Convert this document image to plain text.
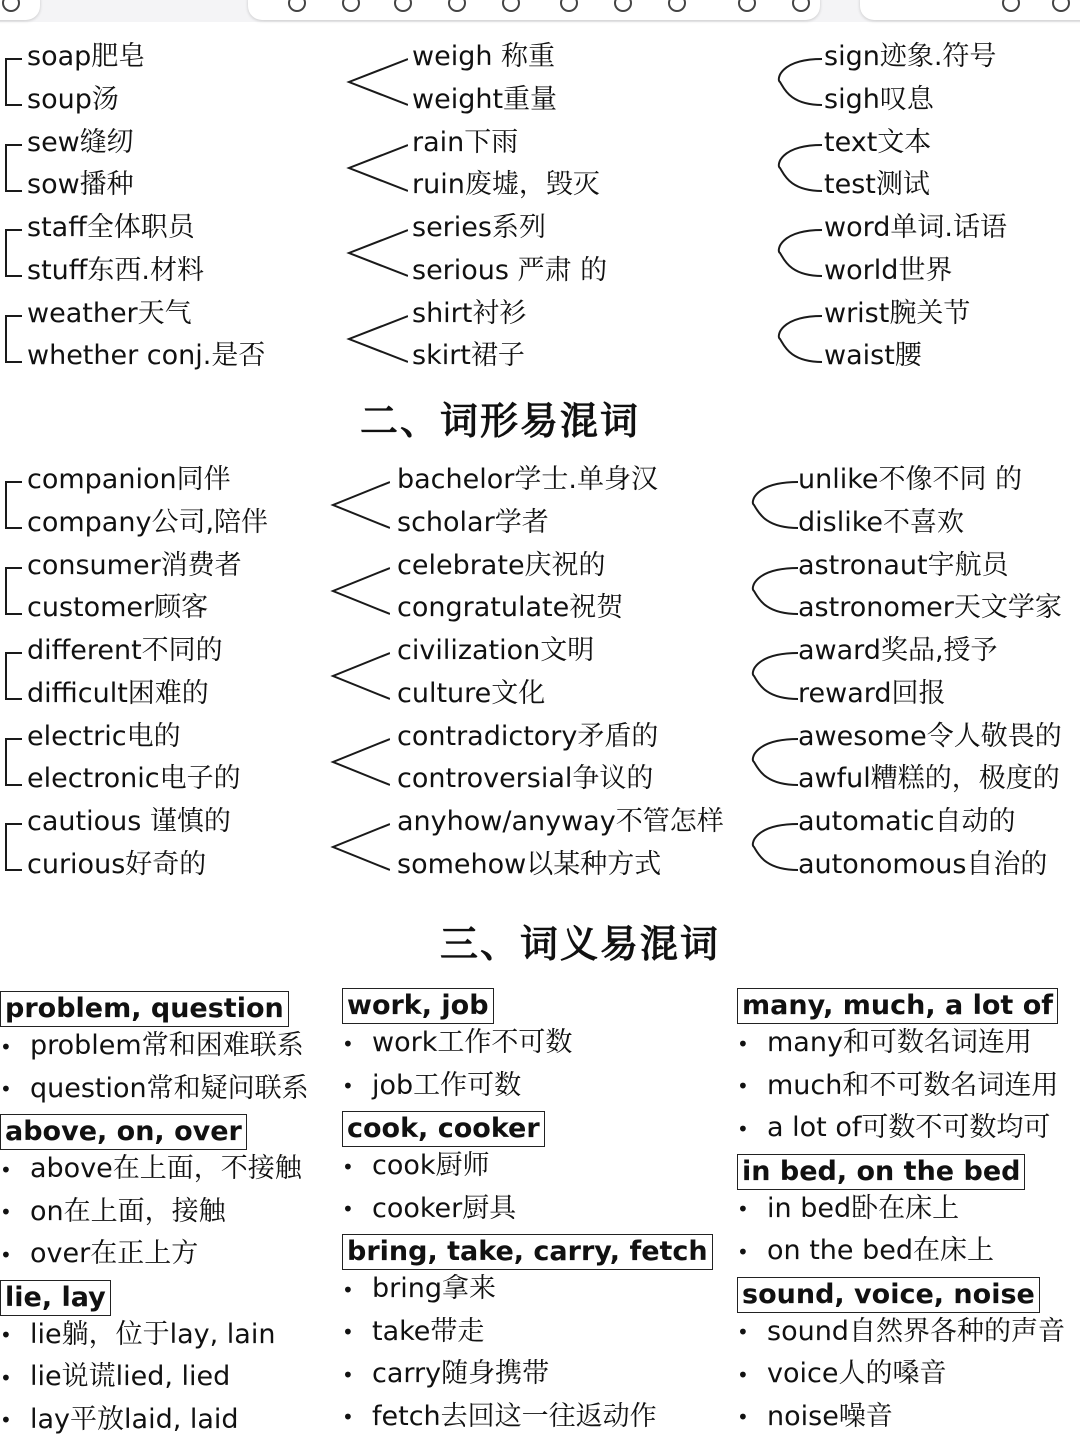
soap肥皂
soup汤
sew缝纫
sow播种
staff全体职员
stuff东西.材料
weather天气
whether conj.是否
weigh 称重
weight重量
rain下雨
ruin废墟，毁灭
series系列
serious 严肃 的
shirt衬衫
skirt裙子
sign迹象.符号
sigh叹息
text文本
test测试
word单词.话语
world世界
wrist腕关节
waist腰
二、词形易混词
companion同伴
company公司,陪伴
consumer消费者
customer顾客
different不同的
difficult困难的
electric电的
electronic电子的
cautious 谨慎的
curious好奇的
bachelor学士.单身汉
scholar学者
celebrate庆祝的
congratulate祝贺
civilization文明
culture文化
contradictory矛盾的
controversial争议的
anyhow/anyway不管怎样
somehow以某种方式
unlike不像不同 的
dislike不喜欢
astronaut宇航员
astronomer天文学家
award奖品,授予
reward回报
awesome令人敬畏的
awful糟糕的，极度的
automatic自动的
autonomous自治的
三、词义易混词
problem, question
• problem常和困难联系
• question常和疑问联系
above, on, over
• above在上面，不接触
• on在上面，接触
• over在正上方
lie, lay
• lie躺，位于lay, lain
• lie说谎lied, lied
• lay平放laid, laid
work, job
• work工作不可数
• job工作可数
cook, cooker
• cook厨师
• cooker厨具
bring, take, carry, fetch
• bring拿来
• take带走
• carry随身携带
• fetch去回这一往返动作
many, much, a lot of
• many和可数名词连用
• much和不可数名词连用
• a lot of可数不可数均可
in bed, on the bed
• in bed卧在床上
• on the bed在床上
sound, voice, noise
• sound自然界各种的声音
• voice人的嗓音
• noise噪音
